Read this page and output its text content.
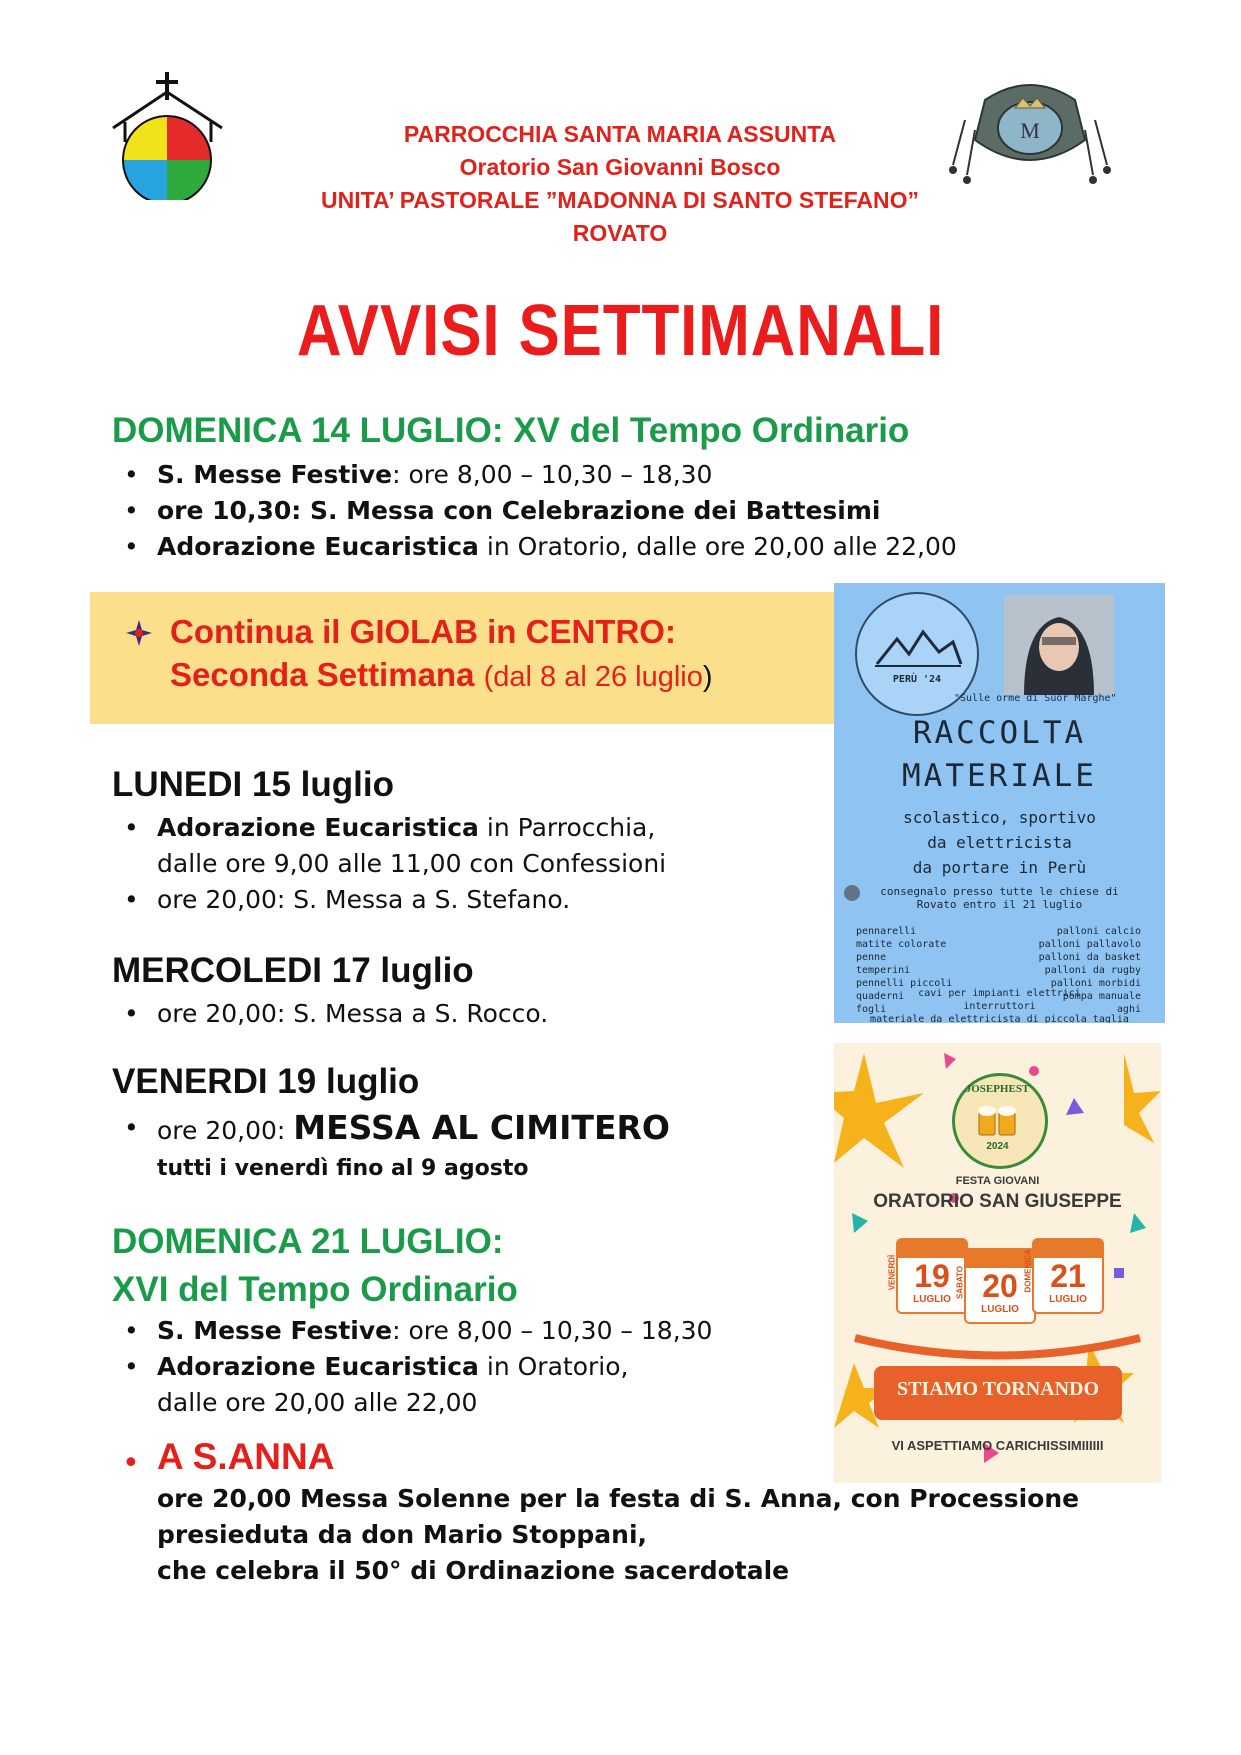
M
PARROCCHIA SANTA MARIA ASSUNTA
Oratorio San Giovanni Bosco
UNITA’ PASTORALE ”MADONNA DI SANTO STEFANO”
ROVATO
AVVISI SETTIMANALI
DOMENICA 14 LUGLIO: XV del Tempo Ordinario
• S. Messe Festive: ore 8,00 – 10,30 – 18,30
• ore 10,30: S. Messa con Celebrazione dei Battesimi
• Adorazione Eucaristica in Oratorio, dalle ore 20,00 alle 22,00
Continua il GIOLAB in CENTRO:
Seconda Settimana (dal 8 al 26 luglio)
LUNEDI 15 luglio
• Adorazione Eucaristica in Parrocchia,
dalle ore 9,00 alle 11,00 con Confessioni
• ore 20,00: S. Messa a S. Stefano.
MERCOLEDI 17 luglio
• ore 20,00: S. Messa a S. Rocco.
VENERDI 19 luglio
• ore 20,00: MESSA AL CIMITERO
tutti i venerdì fino al 9 agosto
DOMENICA 21 LUGLIO:
XVI del Tempo Ordinario
• S. Messe Festive: ore 8,00 – 10,30 – 18,30
• Adorazione Eucaristica in Oratorio,
dalle ore 20,00 alle 22,00
• A S.ANNA
ore 20,00 Messa Solenne per la festa di S. Anna, con Processione
presieduta da don Mario Stoppani,
che celebra il 50° di Ordinazione sacerdotale
PERÙ '24
"Sulle orme di Suor Marghe"
RACCOLTA
MATERIALE
scolastico, sportivo
da elettricista
da portare in Perù
consegnalo presso tutte le chiese di
Rovato entro il 21 luglio
pennarelli
matite colorate
penne
temperini
pennelli piccoli
quaderni
fogli
palloni calcio
palloni pallavolo
palloni da basket
palloni da rugby
palloni morbidi
pompa manuale
aghi
cavi per impianti elettrici
interruttori
materiale da elettricista di piccola taglia
JOSEPHEST
2024
FESTA GIOVANI
ORATORIO SAN GIUSEPPE
19
LUGLIO
VENERDÌ	20
LUGLIO
SABATO	21
LUGLIO
DOMENICA
STIAMO TORNANDO
VI ASPETTIAMO CARICHISSIMIIIIII
